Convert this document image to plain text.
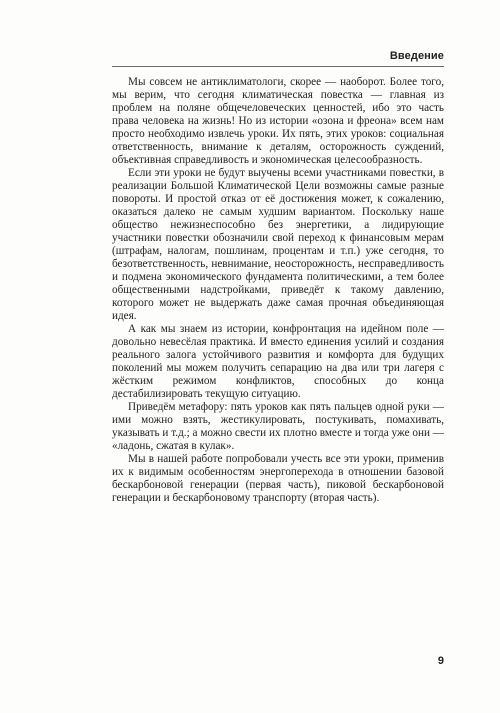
Введение

Мы совсем не антиклиматологи, скорее — наоборот. Более того, мы верим, что сегодня климатическая повестка — главная из проблем на поляне общечеловеческих ценностей, ибо это часть права человека на жизнь! Но из истории «озона и фреона» всем нам просто необходимо извлечь уроки. Их пять, этих уроков: социальная ответственность, внимание к деталям, осторожность суждений, объективная справедливость и экономическая целесообразность.

Если эти уроки не будут выучены всеми участниками повестки, в реализации Большой Климатической Цели возможны самые разные повороты. И простой отказ от её достижения может, к сожалению, оказаться далеко не самым худшим вариантом. Поскольку наше общество нежизнеспособно без энергетики, а лидирующие участники повестки обозначили свой переход к финансовым мерам (штрафам, налогам, пошлинам, процентам и т.п.) уже сегодня, то безответственность, невнимание, неосторожность, несправедливость и подмена экономического фундамента политическими, а тем более общественными надстройками, приведёт к такому давлению, которого может не выдержать даже самая прочная объединяющая идея.

А как мы знаем из истории, конфронтация на идейном поле — довольно невесёлая практика. И вместо единения усилий и создания реального залога устойчивого развития и комфорта для будущих поколений мы можем получить сепарацию на два или три лагеря с жёстким режимом конфликтов, способных до конца дестабилизировать текущую ситуацию.

Приведём метафору: пять уроков как пять пальцев одной руки — ими можно взять, жестикулировать, постукивать, помахивать, указывать и т.д.; а можно свести их плотно вместе и тогда уже они — «ладонь, сжатая в кулак».

Мы в нашей работе попробовали учесть все эти уроки, применив их к видимым особенностям энергоперехода в отношении базовой бескарбоновой генерации (первая часть), пиковой бескарбоновой генерации и бескарбоновому транспорту (вторая часть).

9
